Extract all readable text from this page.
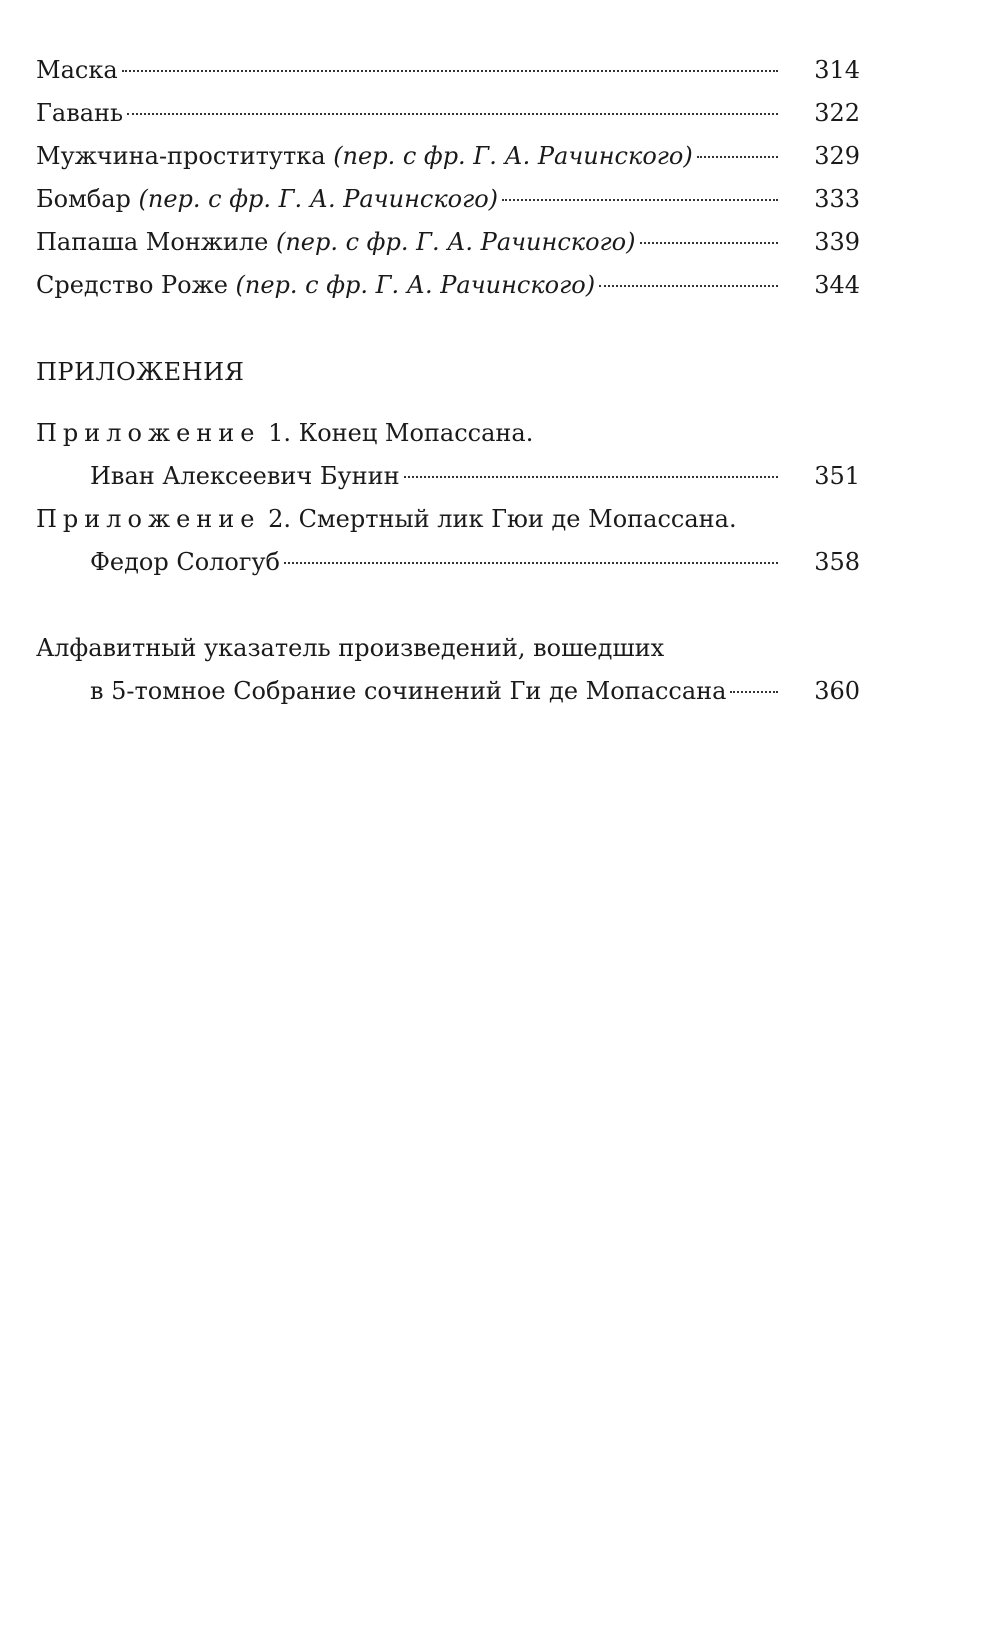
Маска	314
Гавань	322
Мужчина-проститутка (пер. с фр. Г. А. Рачинского)	329
Бомбар (пер. с фр. Г. А. Рачинского)	333
Папаша Монжиле (пер. с фр. Г. А. Рачинского)	339
Средство Роже (пер. с фр. Г. А. Рачинского)	344
ПРИЛОЖЕНИЯ
Приложение 1. Конец Мопассана.
Иван Алексеевич Бунин	351
Приложение 2. Смертный лик Гюи де Мопассана.
Федор Сологуб	358
Алфавитный указатель произведений, вошедших
в 5-томное Собрание сочинений Ги де Мопассана	360
